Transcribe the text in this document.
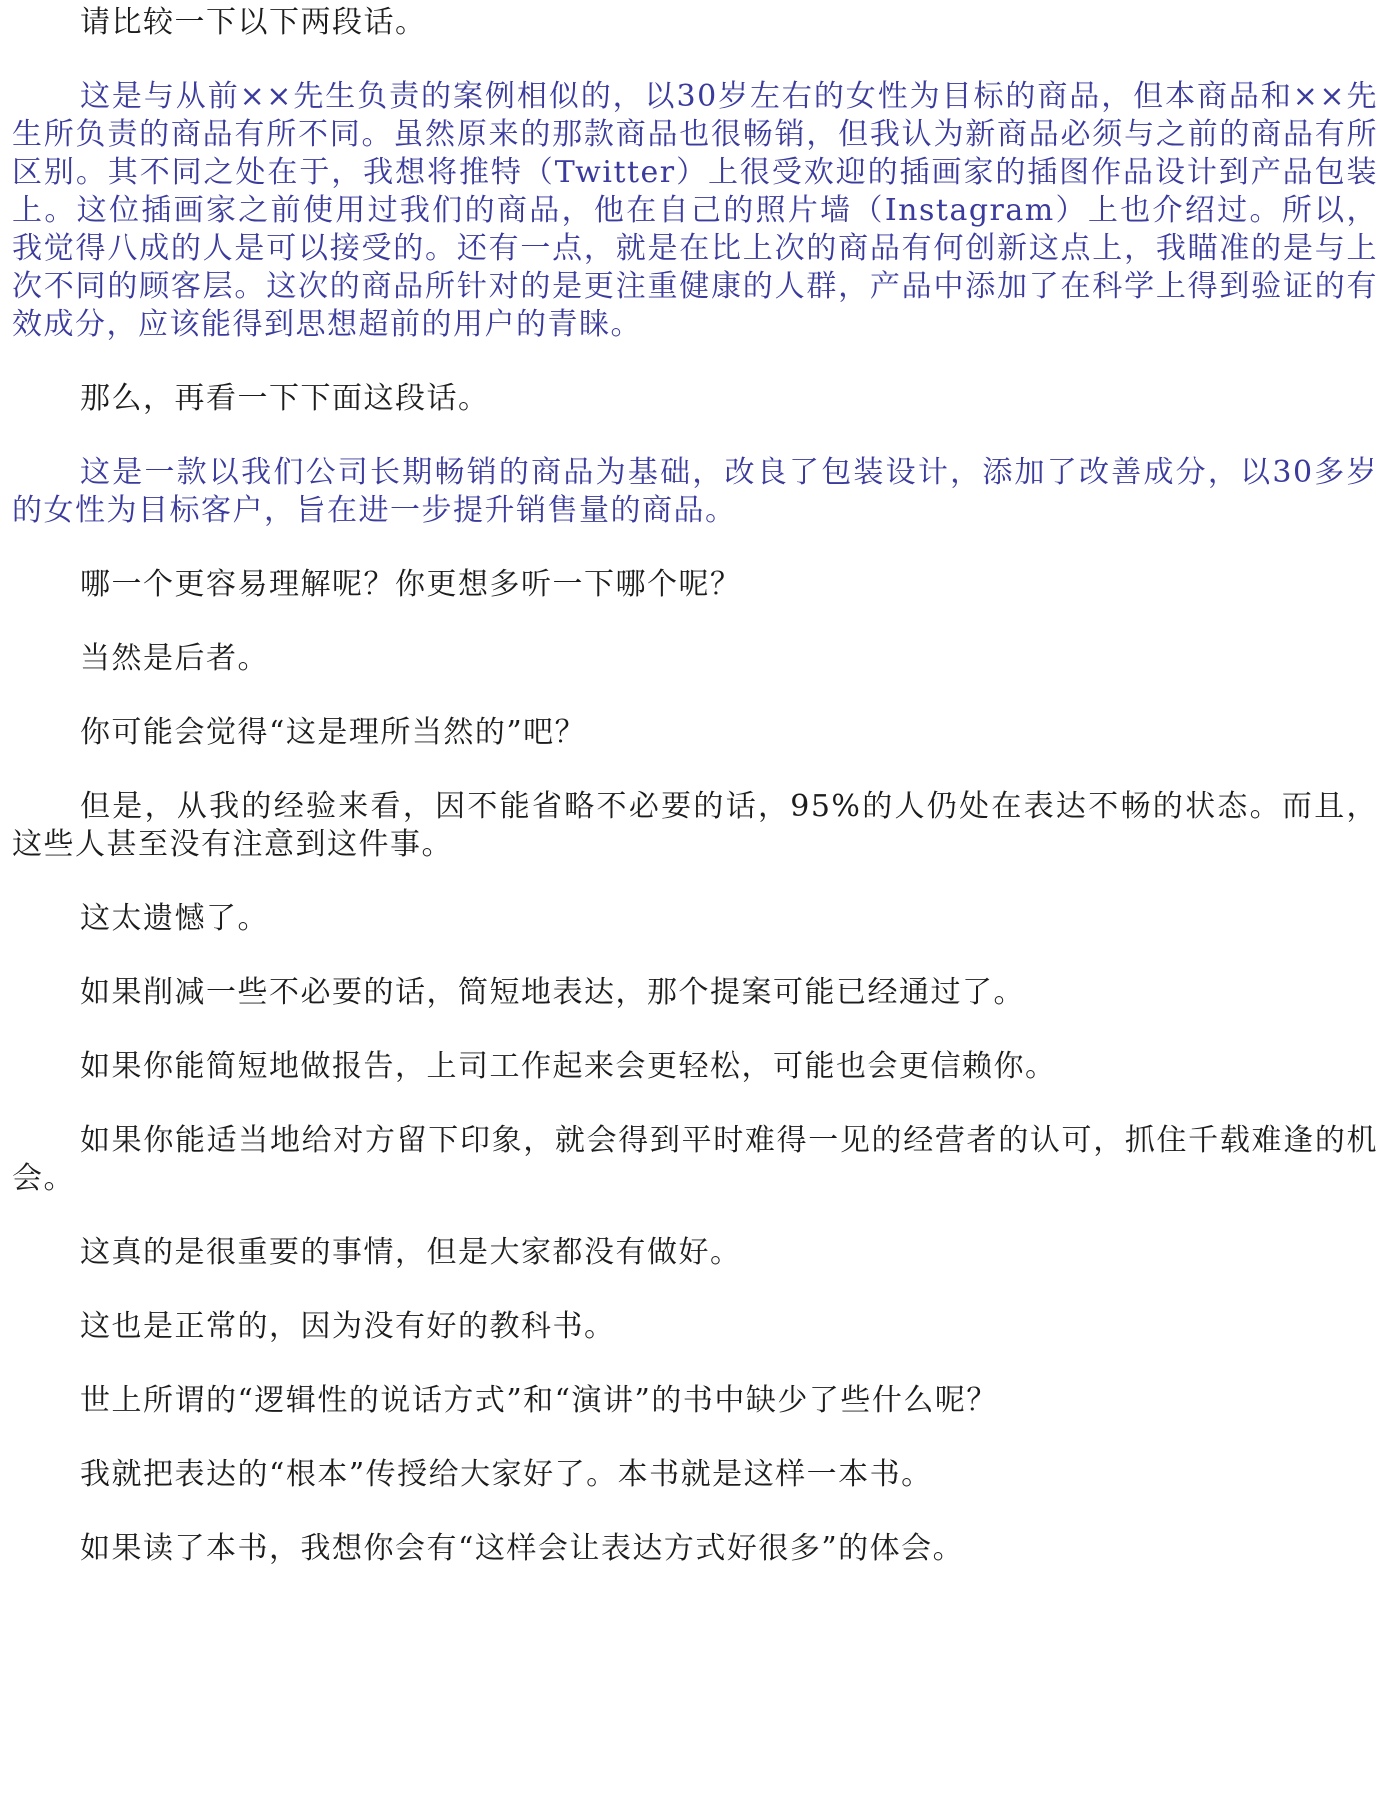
请比较一下以下两段话。

这是与从前××先生负责的案例相似的，以30岁左右的女性为目标的商品，但本商品和××先生所负责的商品有所不同。虽然原来的那款商品也很畅销，但我认为新商品必须与之前的商品有所区别。其不同之处在于，我想将推特（Twitter）上很受欢迎的插画家的插图作品设计到产品包装上。这位插画家之前使用过我们的商品，他在自己的照片墙（Instagram）上也介绍过。所以，我觉得八成的人是可以接受的。还有一点，就是在比上次的商品有何创新这点上，我瞄准的是与上次不同的顾客层。这次的商品所针对的是更注重健康的人群，产品中添加了在科学上得到验证的有效成分，应该能得到思想超前的用户的青睐。

那么，再看一下下面这段话。

这是一款以我们公司长期畅销的商品为基础，改良了包装设计，添加了改善成分，以30多岁的女性为目标客户，旨在进一步提升销售量的商品。

哪一个更容易理解呢？你更想多听一下哪个呢？

当然是后者。

你可能会觉得“这是理所当然的”吧？

但是，从我的经验来看，因不能省略不必要的话，95%的人仍处在表达不畅的状态。而且，这些人甚至没有注意到这件事。

这太遗憾了。

如果削减一些不必要的话，简短地表达，那个提案可能已经通过了。

如果你能简短地做报告，上司工作起来会更轻松，可能也会更信赖你。

如果你能适当地给对方留下印象，就会得到平时难得一见的经营者的认可，抓住千载难逢的机会。

这真的是很重要的事情，但是大家都没有做好。

这也是正常的，因为没有好的教科书。

世上所谓的“逻辑性的说话方式”和“演讲”的书中缺少了些什么呢？

我就把表达的“根本”传授给大家好了。本书就是这样一本书。

如果读了本书，我想你会有“这样会让表达方式好很多”的体会。
